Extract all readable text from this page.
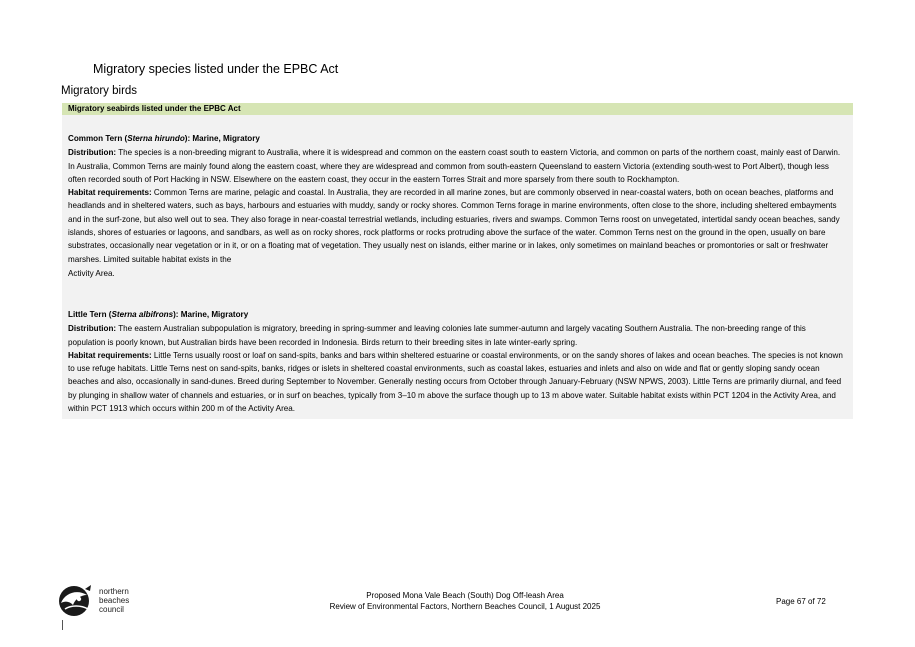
Migratory species listed under the EPBC Act
Migratory birds
Migratory seabirds listed under the EPBC Act

Common Tern (Sterna hirundo): Marine, Migratory

Distribution: The species is a non-breeding migrant to Australia, where it is widespread and common on the eastern coast south to eastern Victoria, and common on parts of the northern coast, mainly east of Darwin. In Australia, Common Terns are mainly found along the eastern coast, where they are widespread and common from south-eastern Queensland to eastern Victoria (extending south-west to Port Albert), though less often recorded south of Port Hacking in NSW. Elsewhere on the eastern coast, they occur in the eastern Torres Strait and more sparsely from there south to Rockhampton.

Habitat requirements: Common Terns are marine, pelagic and coastal. In Australia, they are recorded in all marine zones, but are commonly observed in near-coastal waters, both on ocean beaches, platforms and headlands and in sheltered waters, such as bays, harbours and estuaries with muddy, sandy or rocky shores. Common Terns forage in marine environments, often close to the shore, including sheltered embayments and in the surf-zone, but also well out to sea. They also forage in near-coastal terrestrial wetlands, including estuaries, rivers and swamps. Common Terns roost on unvegetated, intertidal sandy ocean beaches, sandy islands, shores of estuaries or lagoons, and sandbars, as well as on rocky shores, rock platforms or rocks protruding above the surface of the water. Common Terns nest on the ground in the open, usually on bare substrates, occasionally near vegetation or in it, or on a floating mat of vegetation. They usually nest on islands, either marine or in lakes, only sometimes on mainland beaches or promontories or salt or freshwater marshes. Limited suitable habitat exists in the

Activity Area.

Little Tern (Sterna albifrons): Marine, Migratory

Distribution: The eastern Australian subpopulation is migratory, breeding in spring-summer and leaving colonies late summer-autumn and largely vacating Southern Australia. The non-breeding range of this population is poorly known, but Australian birds have been recorded in Indonesia. Birds return to their breeding sites in late winter-early spring.

Habitat requirements: Little Terns usually roost or loaf on sand-spits, banks and bars within sheltered estuarine or coastal environments, or on the sandy shores of lakes and ocean beaches. The species is not known to use refuge habitats. Little Terns nest on sand-spits, banks, ridges or islets in sheltered coastal environments, such as coastal lakes, estuaries and inlets and also on wide and flat or gently sloping sandy ocean beaches and also, occasionally in sand-dunes. Breed during September to November. Generally nesting occurs from October through January-February (NSW NPWS, 2003). Little Terns are primarily diurnal, and feed by plunging in shallow water of channels and estuaries, or in surf on beaches, typically from 3–10 m above the surface though up to 13 m above water. Suitable habitat exists within PCT 1204 in the Activity Area, and within PCT 1913 which occurs within 200 m of the Activity Area.

northern
beaches
council
Proposed Mona Vale Beach (South) Dog Off-leash Area
Review of Environmental Factors, Northern Beaches Council, 1 August 2025
Page 67 of 72
